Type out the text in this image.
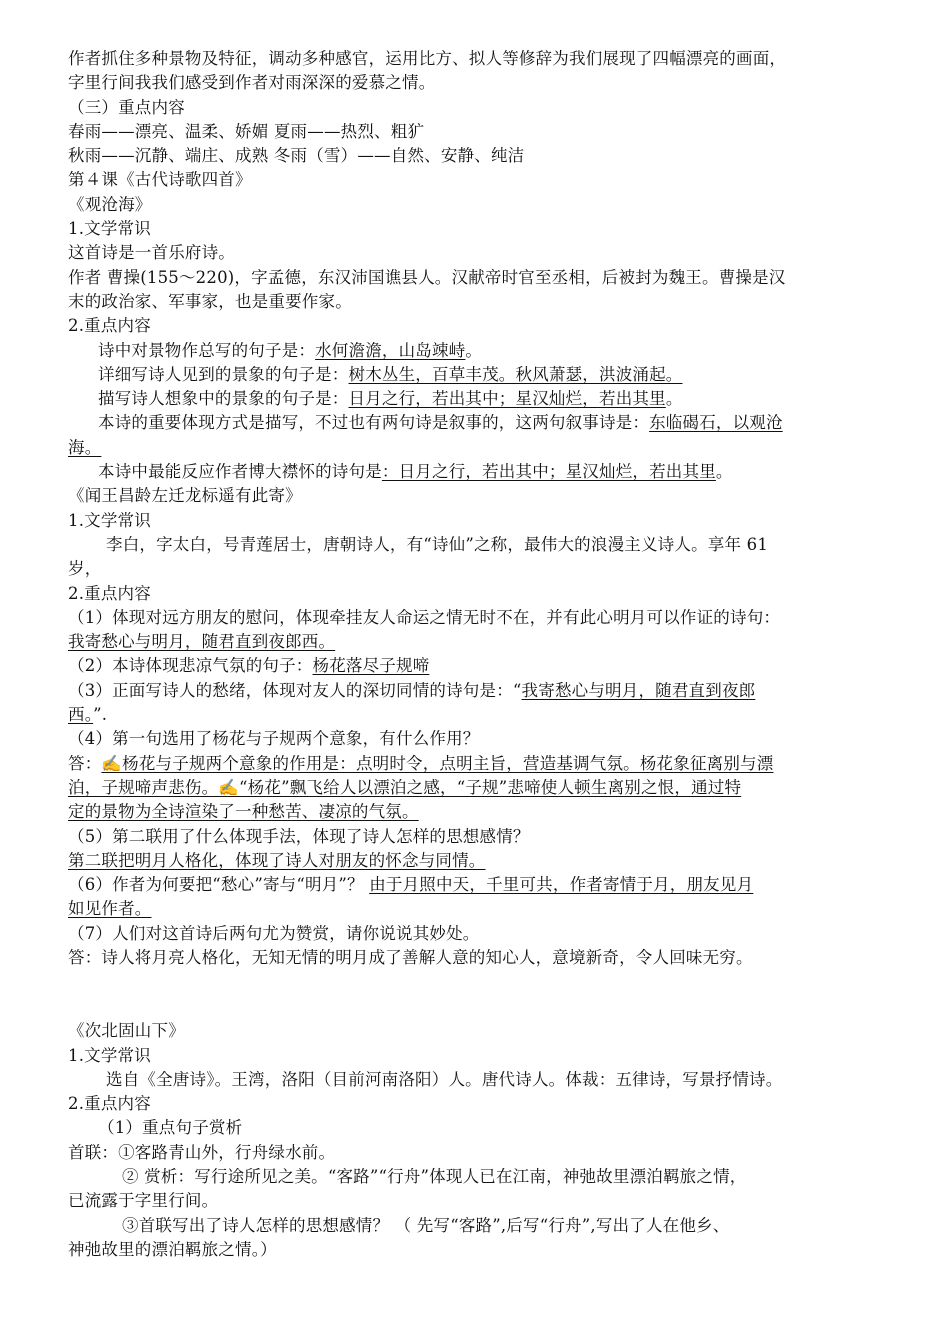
作者抓住多种景物及特征，调动多种感官，运用比方、拟人等修辞为我们展现了四幅漂亮的画面，
字里行间我我们感受到作者对雨深深的爱慕之情。
（三）重点内容
春雨——漂亮、温柔、娇媚 夏雨——热烈、粗犷
秋雨——沉静、端庄、成熟 冬雨（雪）——自然、安静、纯洁
第４课《古代诗歌四首》
《观沧海》
1.文学常识
这首诗是一首乐府诗。
作者 曹操(155～220)，字孟德，东汉沛国谯县人。汉献帝时官至丞相，后被封为魏王。曹操是汉
末的政治家、军事家，也是重要作家。
2.重点内容
诗中对景物作总写的句子是：水何澹澹，山岛竦峙。
详细写诗人见到的景象的句子是：树木丛生，百草丰茂。秋风萧瑟，洪波涌起。
描写诗人想象中的景象的句子是：日月之行，若出其中；星汉灿烂，若出其里。
本诗的重要体现方式是描写，不过也有两句诗是叙事的，这两句叙事诗是：东临碣石，以观沧
海。
本诗中最能反应作者博大襟怀的诗句是：日月之行，若出其中；星汉灿烂，若出其里。
《闻王昌龄左迁龙标遥有此寄》
1.文学常识
李白，字太白，号青莲居士，唐朝诗人，有“诗仙”之称，最伟大的浪漫主义诗人。享年 61
岁，
2.重点内容
（1）体现对远方朋友的慰问，体现牵挂友人命运之情无时不在，并有此心明月可以作证的诗句：
我寄愁心与明月，随君直到夜郎西。
（2）本诗体现悲凉气氛的句子：杨花落尽子规啼
（3）正面写诗人的愁绪，体现对友人的深切同情的诗句是：“我寄愁心与明月，随君直到夜郎
西。”.
（4）第一句选用了杨花与子规两个意象，有什么作用？
答：✍杨花与子规两个意象的作用是：点明时令，点明主旨，营造基调气氛。杨花象征离别与漂
泊，子规啼声悲伤。✍“杨花”飘飞给人以漂泊之感，“子规”悲啼使人顿生离别之恨，通过特
定的景物为全诗渲染了一种愁苦、凄凉的气氛。
（5）第二联用了什么体现手法，体现了诗人怎样的思想感情？
第二联把明月人格化，体现了诗人对朋友的怀念与同情。
（6）作者为何要把“愁心”寄与“明月”？ 由于月照中天，千里可共，作者寄情于月，朋友见月
如见作者。
（7）人们对这首诗后两句尤为赞赏，请你说说其妙处。
答：诗人将月亮人格化，无知无情的明月成了善解人意的知心人，意境新奇，令人回味无穷。
《次北固山下》
1.文学常识
选自《全唐诗》。王湾，洛阳（目前河南洛阳）人。唐代诗人。体裁：五律诗，写景抒情诗。
2.重点内容
（1）重点句子赏析
首联：①客路青山外，行舟绿水前。
② 赏析：写行途所见之美。“客路”“行舟”体现人已在江南，神弛故里漂泊羁旅之情，
已流露于字里行间。
③首联写出了诗人怎样的思想感情？ （ 先写“客路”,后写“行舟”,写出了人在他乡、
神弛故里的漂泊羁旅之情。）
